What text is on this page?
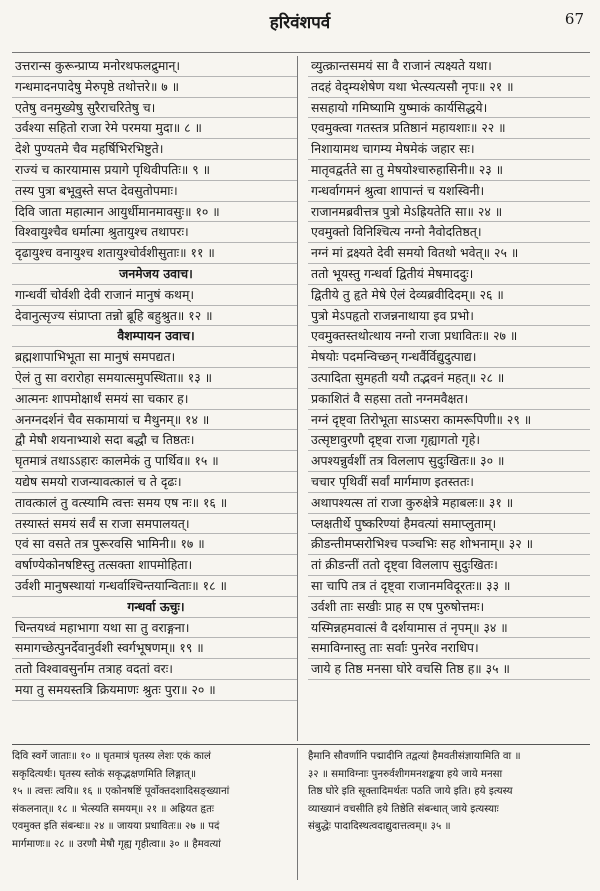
हरिवंशपर्व	67
उत्तरान्स कुरून्प्राप्य मनोरथफलद्रुमान्।
गन्धमादनपादेषु मेरुपृष्ठे तथोत्तरे॥ ७ ॥
एतेषु वनमुख्येषु सुरैराचरितेषु च।
उर्वश्या सहितो राजा रेमे परमया मुदा॥ ८ ॥
देशे पुण्यतमे चैव महर्षिभिरभिष्टुते।
राज्यं च कारयामास प्रयागे पृथिवीपतिः॥ ९ ॥
तस्य पुत्रा बभूवुस्ते सप्त देवसुतोपमाः।
दिवि जाता महात्मान आयुर्धीमानमावसुः॥ १० ॥
विश्वायुश्चैव धर्मात्मा श्रुतायुश्च तथापरः।
दृढायुश्च वनायुश्च शतायुश्चोर्वशीसुताः॥ ११ ॥
जनमेजय उवाच।
गान्धर्वी चोर्वशी देवी राजानं मानुषं कथम्।
देवानुत्सृज्य संप्राप्ता तन्नो ब्रूहि बहुश्रुत॥ १२ ॥
वैशम्पायन उवाच।
ब्रह्मशापाभिभूता सा मानुषं समपद्यत।
ऐलं तु सा वरारोहा समयात्समुपस्थिता॥ १३ ॥
आत्मनः शापमोक्षार्थं समयं सा चकार ह।
अनग्नदर्शनं चैव सकामायां च मैथुनम्॥ १४ ॥
द्वौ मेषौ शयनाभ्याशे सदा बद्धौ च तिष्ठतः।
घृतमात्रं तथाऽऽहारः कालमेकं तु पार्थिव॥ १५ ॥
यद्येष समयो राजन्यावत्कालं च ते दृढः।
तावत्कालं तु वत्स्यामि त्वत्तः समय एष नः॥ १६ ॥
तस्यास्तं समयं सर्वं स राजा समपालयत्।
एवं सा वसते तत्र पुरूरवसि भामिनी॥ १७ ॥
वर्षाण्येकोनषष्टिस्तु तत्सक्ता शापमोहिता।
उर्वशी मानुषस्थायां गन्धर्वाश्चिन्तयान्विताः॥ १८ ॥
गन्धर्वा ऊचुः।
चिन्तयध्वं महाभागा यथा सा तु वराङ्गना।
समागच्छेत्पुनर्देवानुर्वशी स्वर्गभूषणम्॥ १९ ॥
ततो विश्वावसुर्नाम तत्राह वदतां वरः।
मया तु समयस्तत्रि क्रियमाणः श्रुतः पुरा॥ २० ॥
व्युत्क्रान्तसमयं सा वै राजानं त्यक्ष्यते यथा।
तदहं वेद्म्यशेषेण यथा भेत्स्यत्यसौ नृपः॥ २१ ॥
ससहायो गमिष्यामि युष्माकं कार्यसिद्धये।
एवमुक्त्वा गतस्तत्र प्रतिष्ठानं महायशाः॥ २२ ॥
निशायामथ चागम्य मेषमेकं जहार सः।
मातृवद्वर्तते सा तु मेषयोश्चारुहासिनी॥ २३ ॥
गन्धर्वागमनं श्रुत्वा शापान्तं च यशस्विनी।
राजानमब्रवीत्तत्र पुत्रो मेऽह्रियतेति सा॥ २४ ॥
एवमुक्तो विनिश्चित्य नग्नो नैवोदतिष्ठत्।
नग्नं मां द्रक्ष्यते देवी समयो वितथो भवेत्॥ २५ ॥
ततो भूयस्तु गन्धर्वा द्वितीयं मेषमाददुः।
द्वितीये तु हृते मेषे ऐलं देव्यब्रवीदिदम्॥ २६ ॥
पुत्रो मेऽपहृतो राजन्ननाथाया इव प्रभो।
एवमुक्तस्तथोत्थाय नग्नो राजा प्रधावितः॥ २७ ॥
मेषयोः पदमन्विच्छन् गन्धर्वैर्विद्युदुत्पाद्य।
उत्पादिता सुमहती ययौ तद्भवनं महत्॥ २८ ॥
प्रकाशितं वै सहसा ततो नग्नमवैक्षत।
नग्नं दृष्ट्वा तिरोभूता साऽप्सरा कामरूपिणी॥ २९ ॥
उत्सृष्टावुरणौ दृष्ट्वा राजा गृह्यागतो गृहे।
अपश्यन्नुर्वशीं तत्र विललाप सुदुःखितः॥ ३० ॥
चचार पृथिवीं सर्वां मार्गमाण इतस्ततः।
अथापश्यत्स तां राजा कुरुक्षेत्रे महाबलः॥ ३१ ॥
प्लक्षतीर्थे पुष्करिण्यां हैमवत्यां समाप्लुताम्।
क्रीडन्तीमप्सरोभिश्च पञ्चभिः सह शोभनाम्॥ ३२ ॥
तां क्रीडन्तीं ततो दृष्ट्वा विललाप सुदुःखितः।
सा चापि तत्र तं दृष्ट्वा राजानमविदूरतः॥ ३३ ॥
उर्वशी ताः सखीः प्राह स एष पुरुषोत्तमः।
यस्मिन्नहमवात्सं वै दर्शयामास तं नृपम्॥ ३४ ॥
समाविग्नास्तु ताः सर्वाः पुनरेव नराधिप।
जाये ह तिष्ठ मनसा घोरे वचसि तिष्ठ ह॥ ३५ ॥
दिवि स्वर्गे जाताः॥ १० ॥ घृतमात्रं घृतस्य लेशः एकं कालं
सकृदित्यर्थः। घृतस्य स्तोकं सकृद्भक्षणमिति लिङ्गात्॥
१५ ॥ त्वत्तः त्वयि॥ १६ ॥ एकोनषष्टिं पूर्वोक्तदशादिसङ्ख्यानां
संकलनात्॥ १८ ॥ भेत्स्यति समयम्॥ २१ ॥ अह्रियत हृतः
एवमुक्त इति संबन्धः॥ २४ ॥ जायया प्रधावितः॥ २७ ॥ पदं
मार्गमाणः॥ २८ ॥ उरणौ मेषौ गृह्य गृहीत्वा॥ ३० ॥ हैमवत्यां
हैमानि सौवर्णानि पद्मादीनि तद्वत्यां हैमवतीसंज्ञायामिति वा ॥
३२ ॥ समाविग्नाः पुनरुर्वशीगमनशङ्कया हये जाये मनसा
तिष्ठ घोरे इति सूक्तादिमर्थतः पठति जाये इति। हये इत्यस्य
व्याख्यानं वचसीति हये तिष्ठेति संबन्धात् जाये इत्यस्याः
संबुद्धेः पादादिस्थत्वदाद्युदात्तत्वम्॥ ३५ ॥
